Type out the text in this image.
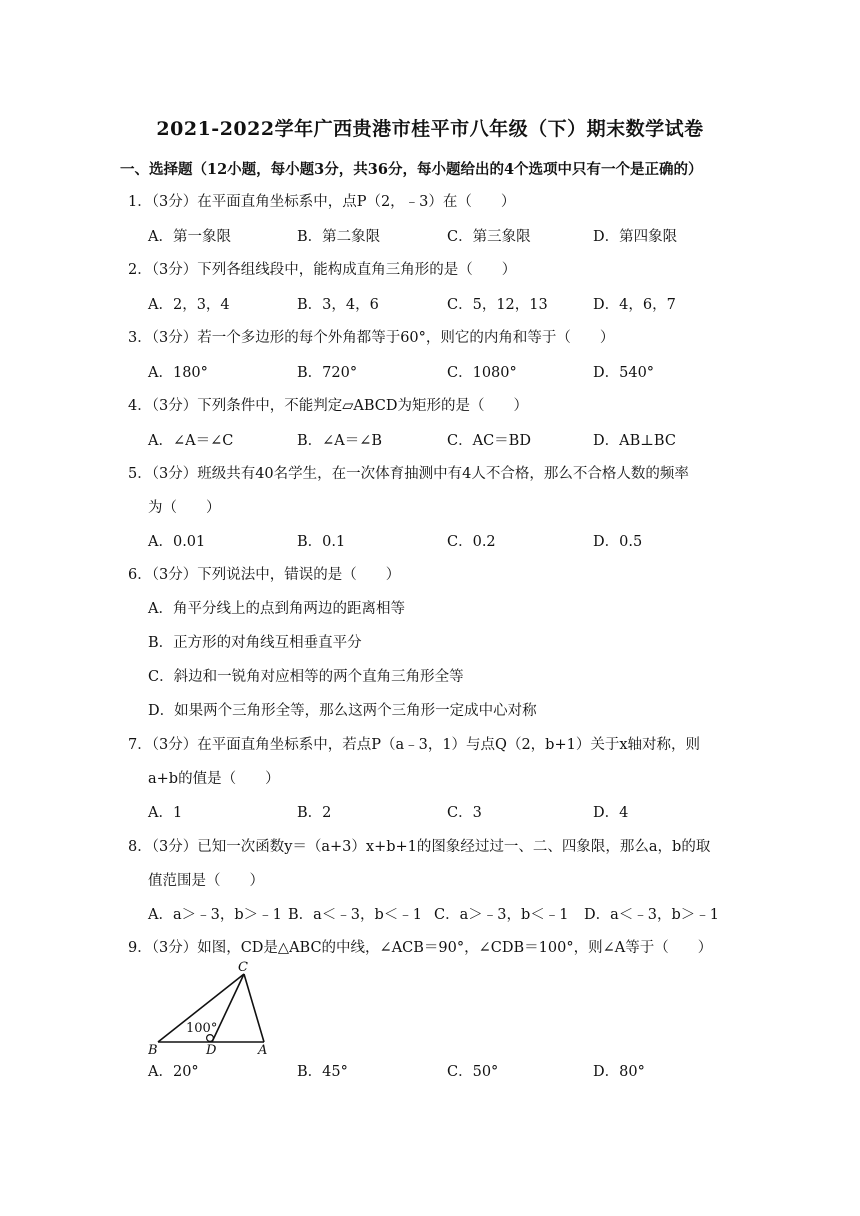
2021-2022学年广西贵港市桂平市八年级（下）期末数学试卷
一、选择题（12小题，每小题3分，共36分，每小题给出的4个选项中只有一个是正确的）
1．（3分）在平面直角坐标系中，点P（2，﹣3）在（　　）
A．第一象限	B．第二象限	C．第三象限	D．第四象限
2．（3分）下列各组线段中，能构成直角三角形的是（　　）
A．2，3，4	B．3，4，6	C．5，12，13	D．4，6，7
3．（3分）若一个多边形的每个外角都等于60°，则它的内角和等于（　　）
A．180°	B．720°	C．1080°	D．540°
4．（3分）下列条件中，不能判定▱ABCD为矩形的是（　　）
A．∠A＝∠C	B．∠A＝∠B	C．AC＝BD	D．AB⊥BC
5．（3分）班级共有40名学生，在一次体育抽测中有4人不合格，那么不合格人数的频率
为（　　）
A．0.01	B．0.1	C．0.2	D．0.5
6．（3分）下列说法中，错误的是（　　）
A．角平分线上的点到角两边的距离相等
B．正方形的对角线互相垂直平分
C．斜边和一锐角对应相等的两个直角三角形全等
D．如果两个三角形全等，那么这两个三角形一定成中心对称
7．（3分）在平面直角坐标系中，若点P（a﹣3，1）与点Q（2，b+1）关于x轴对称，则
a+b的值是（　　）
A．1	B．2	C．3	D．4
8．（3分）已知一次函数y＝（a+3）x+b+1的图象经过过一、二、四象限，那么a，b的取
值范围是（　　）
A．a＞﹣3，b＞﹣1 B．a＜﹣3，b＜﹣1 C．a＞﹣3，b＜﹣1 D．a＜﹣3，b＞﹣1
9．（3分）如图，CD是△ABC的中线，∠ACB＝90°，∠CDB＝100°，则∠A等于（　　）
C
B	D	A
100°
A．20°	B．45°	C．50°	D．80°
